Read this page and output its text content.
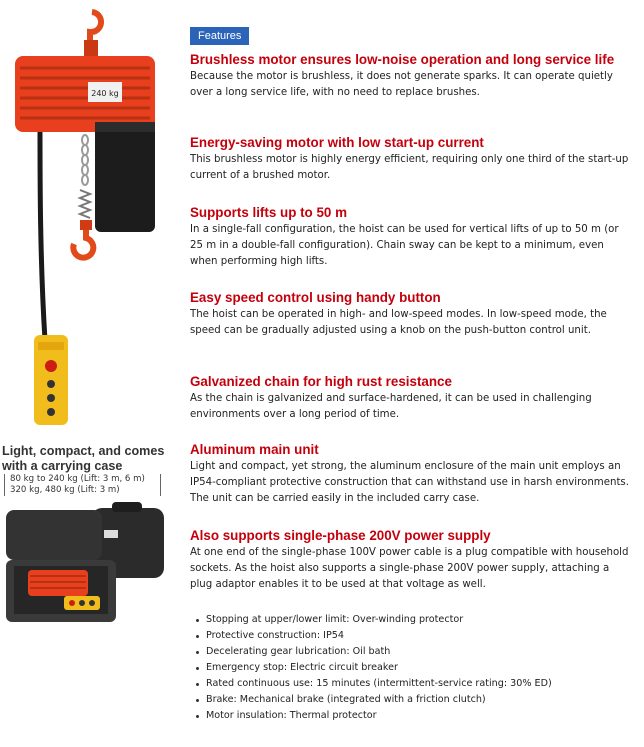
240 kg
Light, compact, and comes with a carrying case
80 kg to 240 kg (Lift: 3 m, 6 m)
320 kg, 480 kg (Lift: 3 m)
Features
Brushless motor ensures low-noise operation and long service life

Because the motor is brushless, it does not generate sparks. It can operate quietly over a long service life, with no need to replace brushes.

Energy-saving motor with low start-up current

This brushless motor is highly energy efficient, requiring only one third of the start-up current of a brushed motor.

Supports lifts up to 50 m

In a single-fall configuration, the hoist can be used for vertical lifts of up to 50 m (or 25 m in a double-fall configuration). Chain sway can be kept to a minimum, even when performing high lifts.

Easy speed control using handy button

The hoist can be operated in high- and low-speed modes. In low-speed mode, the speed can be gradually adjusted using a knob on the push-button control unit.

Galvanized chain for high rust resistance

As the chain is galvanized and surface-hardened, it can be used in challenging environments over a long period of time.

Aluminum main unit

Light and compact, yet strong, the aluminum enclosure of the main unit employs an IP54-compliant protective construction that can withstand use in harsh environments. The unit can be carried easily in the included carry case.

Also supports single-phase 200V power supply

At one end of the single-phase 100V power cable is a plug compatible with household sockets. As the hoist also supports a single-phase 200V power supply, attaching a plug adaptor enables it to be used at that voltage as well.

Stopping at upper/lower limit: Over-winding protector
Protective construction: IP54
Decelerating gear lubrication: Oil bath
Emergency stop: Electric circuit breaker
Rated continuous use: 15 minutes (intermittent-service rating: 30% ED)
Brake: Mechanical brake (integrated with a friction clutch)
Motor insulation: Thermal protector
